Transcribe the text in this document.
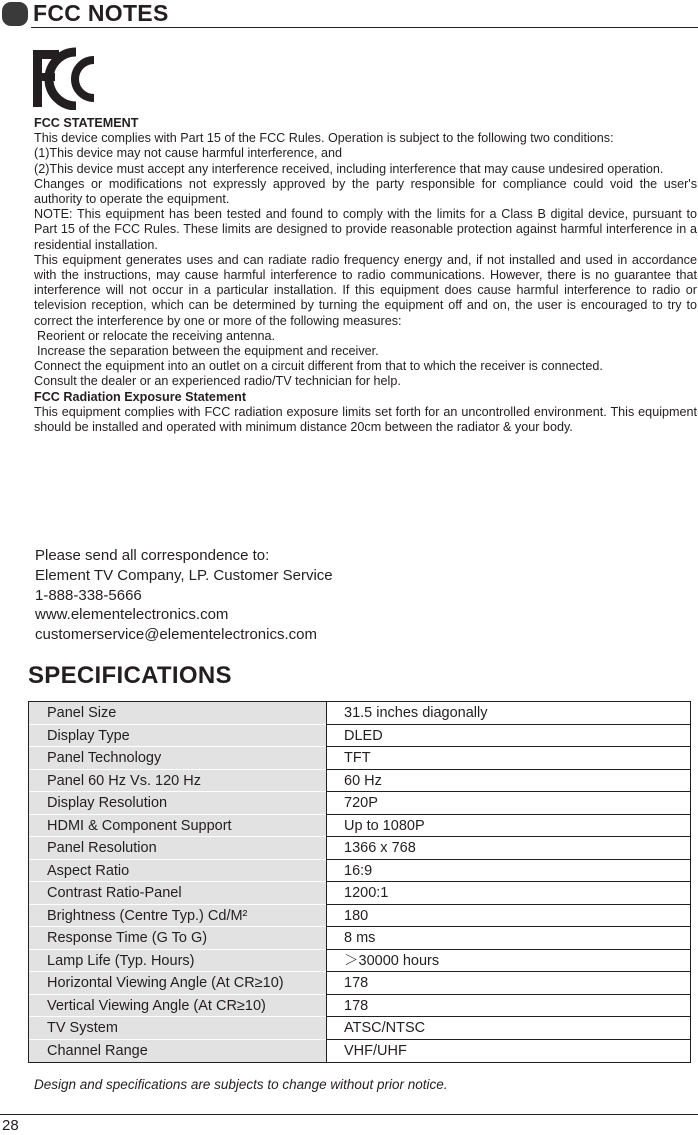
FCC NOTES

FCC STATEMENT

This device complies with Part 15 of the FCC Rules. Operation is subject to the following two conditions:

(1)This device may not cause harmful interference, and

(2)This device must accept any interference received, including interference that may cause undesired operation.

Changes or modifications not expressly approved by the party responsible for compliance could void the user's authority to operate the equipment.

NOTE: This equipment has been tested and found to comply with the limits for a Class B digital device, pursuant to Part 15 of the FCC Rules. These limits are designed to provide reasonable protection against harmful interference in a residential installation.

This equipment generates uses and can radiate radio frequency energy and, if not installed and used in accordance with the instructions, may cause harmful interference to radio communications. However, there is no guarantee that interference will not occur in a particular installation. If this equipment does cause harmful interference to radio or television reception, which can be determined by turning the equipment off and on, the user is encouraged to try to correct the interference by one or more of the following measures:

Reorient or relocate the receiving antenna.

Increase the separation between the equipment and receiver.

Connect the equipment into an outlet on a circuit different from that to which the receiver is connected.

Consult the dealer or an experienced radio/TV technician for help.

FCC Radiation Exposure Statement

This equipment complies with FCC radiation exposure limits set forth for an uncontrolled environment. This equipment should be installed and operated with minimum distance 20cm between the radiator & your body.

Please send all correspondence to:

Element TV Company, LP. Customer Service

1-888-338-5666

www.elementelectronics.com

customerservice@elementelectronics.com

SPECIFICATIONS
Panel Size	31.5 inches diagonally
Display Type	DLED
Panel Technology	TFT
Panel 60 Hz Vs. 120 Hz	60 Hz
Display Resolution	720P
HDMI & Component Support	Up to 1080P
Panel Resolution	1366 x 768
Aspect Ratio	16:9
Contrast Ratio-Panel	1200:1
Brightness (Centre Typ.) Cd/M²	180
Response Time (G To G)	8 ms
Lamp Life (Typ. Hours)	＞30000 hours
Horizontal Viewing Angle (At CR≥10)	178
Vertical Viewing Angle (At CR≥10)	178
TV System	ATSC/NTSC
Channel Range	VHF/UHF
Design and specifications are subjects to change without prior notice.
28
